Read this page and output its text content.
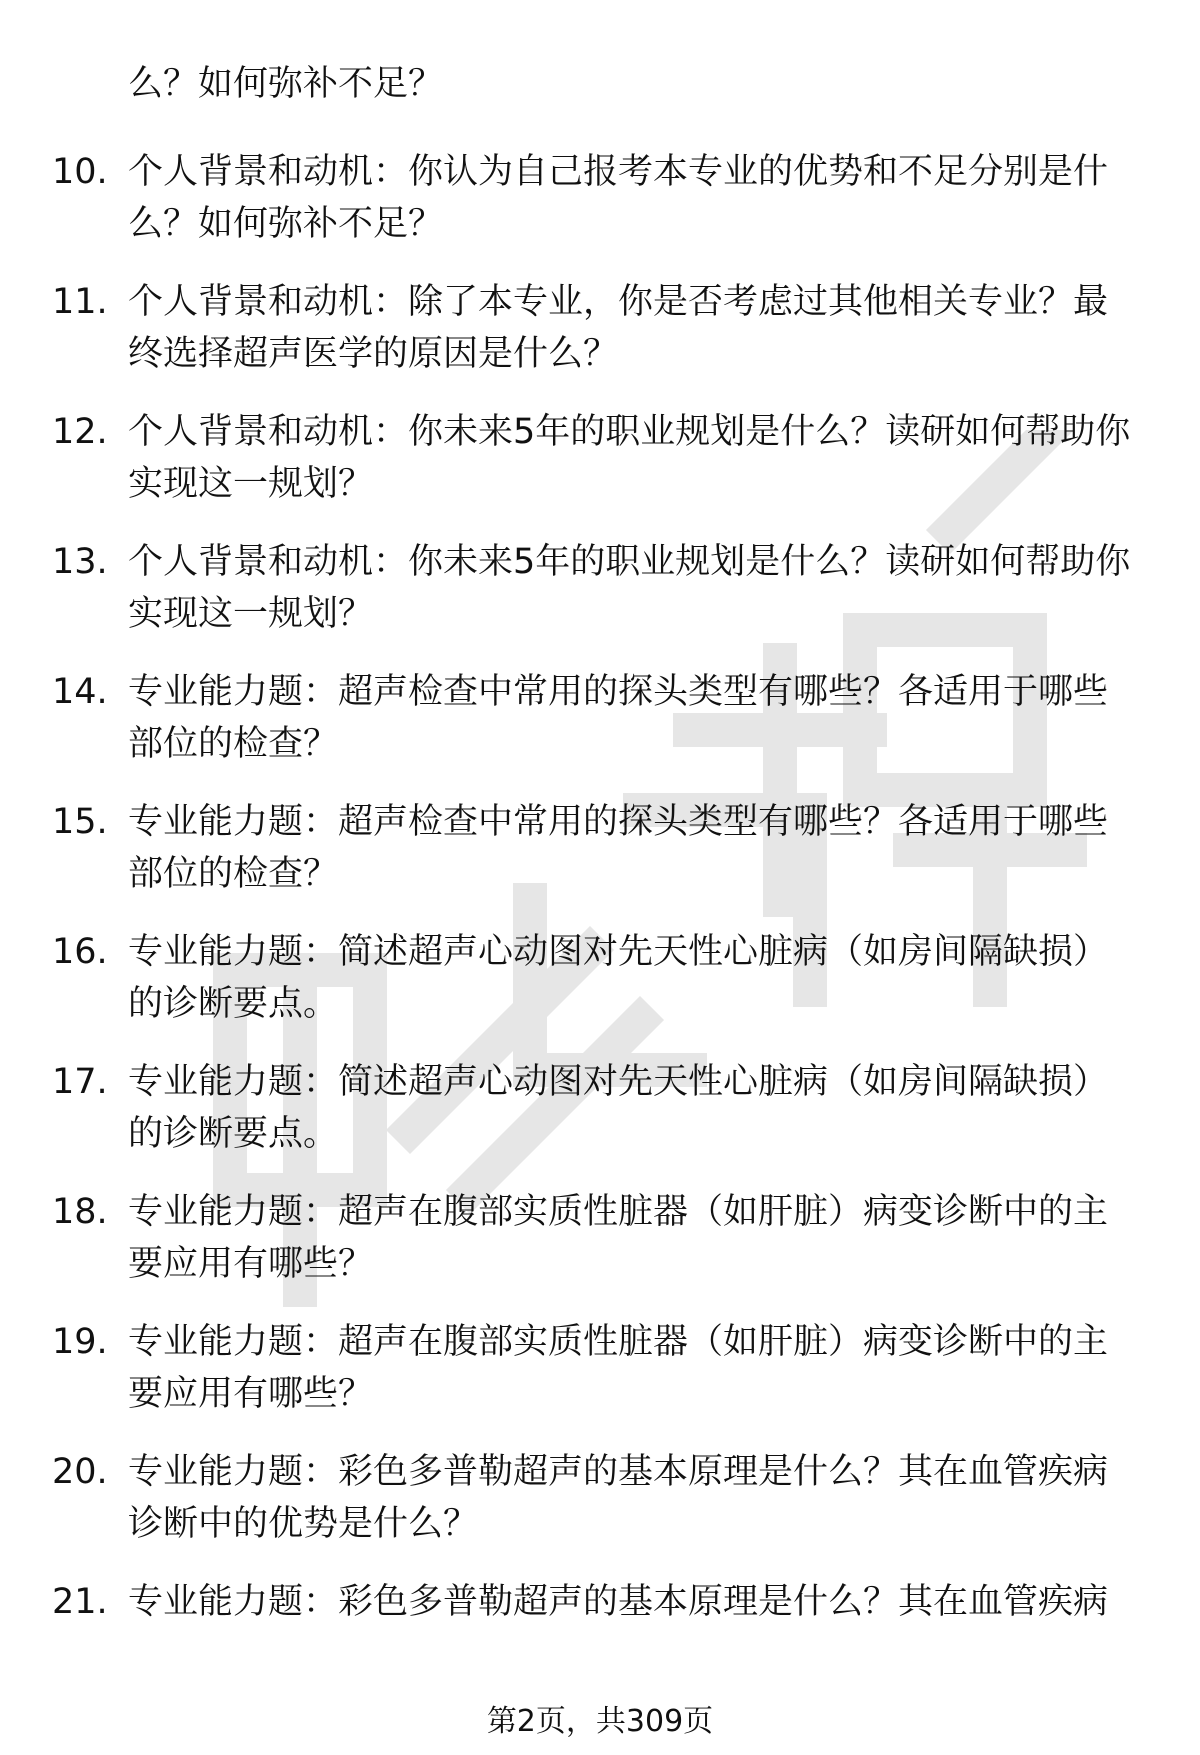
么？如何弥补不足？
10. 个人背景和动机：你认为自己报考本专业的优势和不足分别是什
么？如何弥补不足？
11. 个人背景和动机：除了本专业，你是否考虑过其他相关专业？最
终选择超声医学的原因是什么？
12. 个人背景和动机：你未来5年的职业规划是什么？读研如何帮助你
实现这一规划？
13. 个人背景和动机：你未来5年的职业规划是什么？读研如何帮助你
实现这一规划？
14. 专业能力题：超声检查中常用的探头类型有哪些？各适用于哪些
部位的检查？
15. 专业能力题：超声检查中常用的探头类型有哪些？各适用于哪些
部位的检查？
16. 专业能力题：简述超声心动图对先天性心脏病（如房间隔缺损）
的诊断要点。
17. 专业能力题：简述超声心动图对先天性心脏病（如房间隔缺损）
的诊断要点。
18. 专业能力题：超声在腹部实质性脏器（如肝脏）病变诊断中的主
要应用有哪些？
19. 专业能力题：超声在腹部实质性脏器（如肝脏）病变诊断中的主
要应用有哪些？
20. 专业能力题：彩色多普勒超声的基本原理是什么？其在血管疾病
诊断中的优势是什么？
21. 专业能力题：彩色多普勒超声的基本原理是什么？其在血管疾病
第2页，共309页
